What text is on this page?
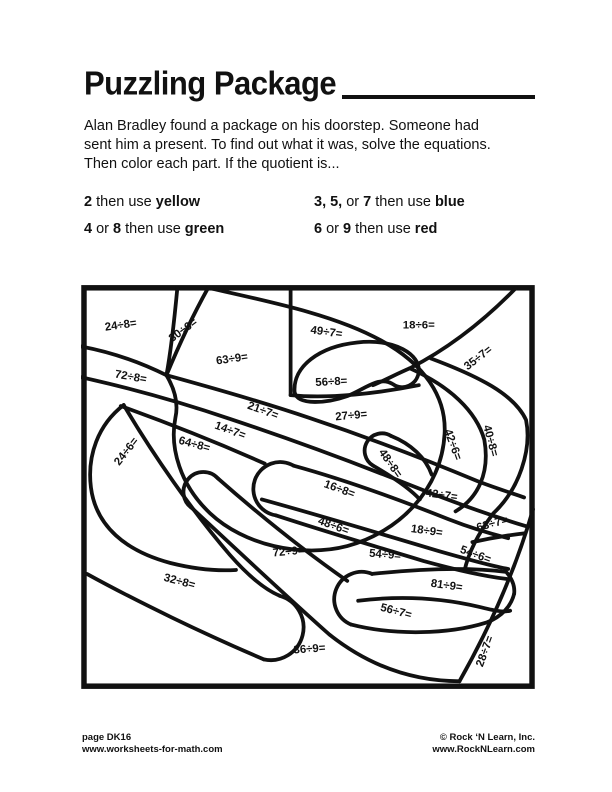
Puzzling Package
Alan Bradley found a package on his doorstep. Someone had
sent him a present. To find out what it was, solve the equations.
Then color each part. If the quotient is...
2 then use yellow	3, 5, or 7 then use blue
4 or 8 then use green	6 or 9 then use red
24÷8=	30÷6=
63÷9=
72÷8=
49÷7=	18÷6=
35÷7=
56÷8=
21÷7=
14÷7=
64÷8=
24÷6=
27÷9=
48÷8=
16÷8=
48÷6=
42÷6= 40÷8=
42÷7=
18÷9=	63÷7=
54÷6=
54÷9=
72÷9=
32÷8=	81÷9=
56÷7=
36÷9=	28÷7=
page DK16
www.worksheets-for-math.com
© Rock ‘N Learn, Inc.
www.RockNLearn.com
